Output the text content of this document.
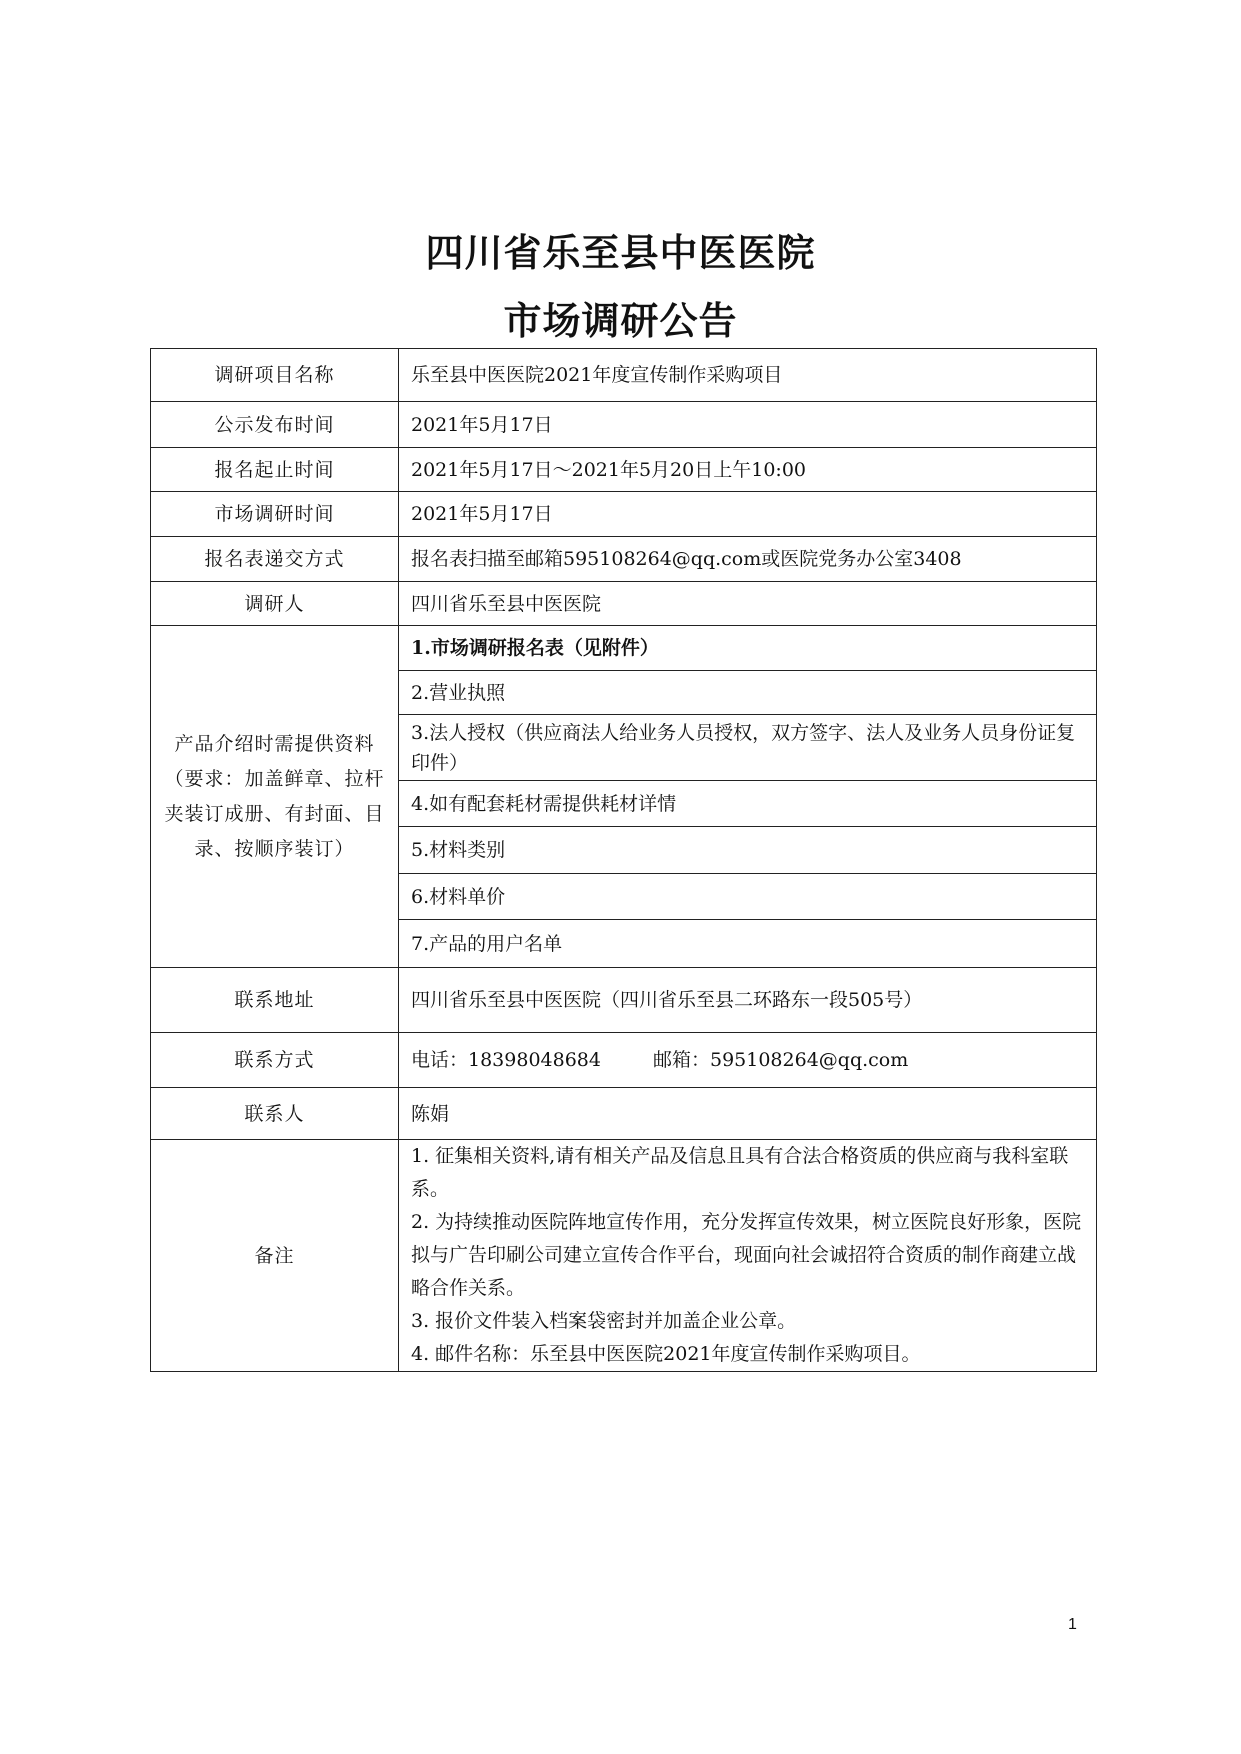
四川省乐至县中医医院
市场调研公告
调研项目名称	乐至县中医医院2021年度宣传制作采购项目
公示发布时间	2021年5月17日
报名起止时间	2021年5月17日～2021年5月20日上午10:00
市场调研时间	2021年5月17日
报名表递交方式	报名表扫描至邮箱595108264@qq.com或医院党务办公室3408
调研人	四川省乐至县中医医院
产品介绍时需提供资料（要求：加盖鲜章、拉杆夹装订成册、有封面、目录、按顺序装订）	1.市场调研报名表（见附件）
	2.营业执照
	3.法人授权（供应商法人给业务人员授权，双方签字、法人及业务人员身份证复印件）
	4.如有配套耗材需提供耗材详情
	5.材料类别
	6.材料单价
	7.产品的用户名单
联系地址	四川省乐至县中医医院（四川省乐至县二环路东一段505号）
联系方式	电话：18398048684 邮箱：595108264@qq.com
联系人	陈娟
备注	1. 征集相关资料,请有相关产品及信息且具有合法合格资质的供应商与我科室联系。
2. 为持续推动医院阵地宣传作用，充分发挥宣传效果，树立医院良好形象，医院拟与广告印刷公司建立宣传合作平台，现面向社会诚招符合资质的制作商建立战略合作关系。
3. 报价文件装入档案袋密封并加盖企业公章。
4. 邮件名称：乐至县中医医院2021年度宣传制作采购项目。
1
